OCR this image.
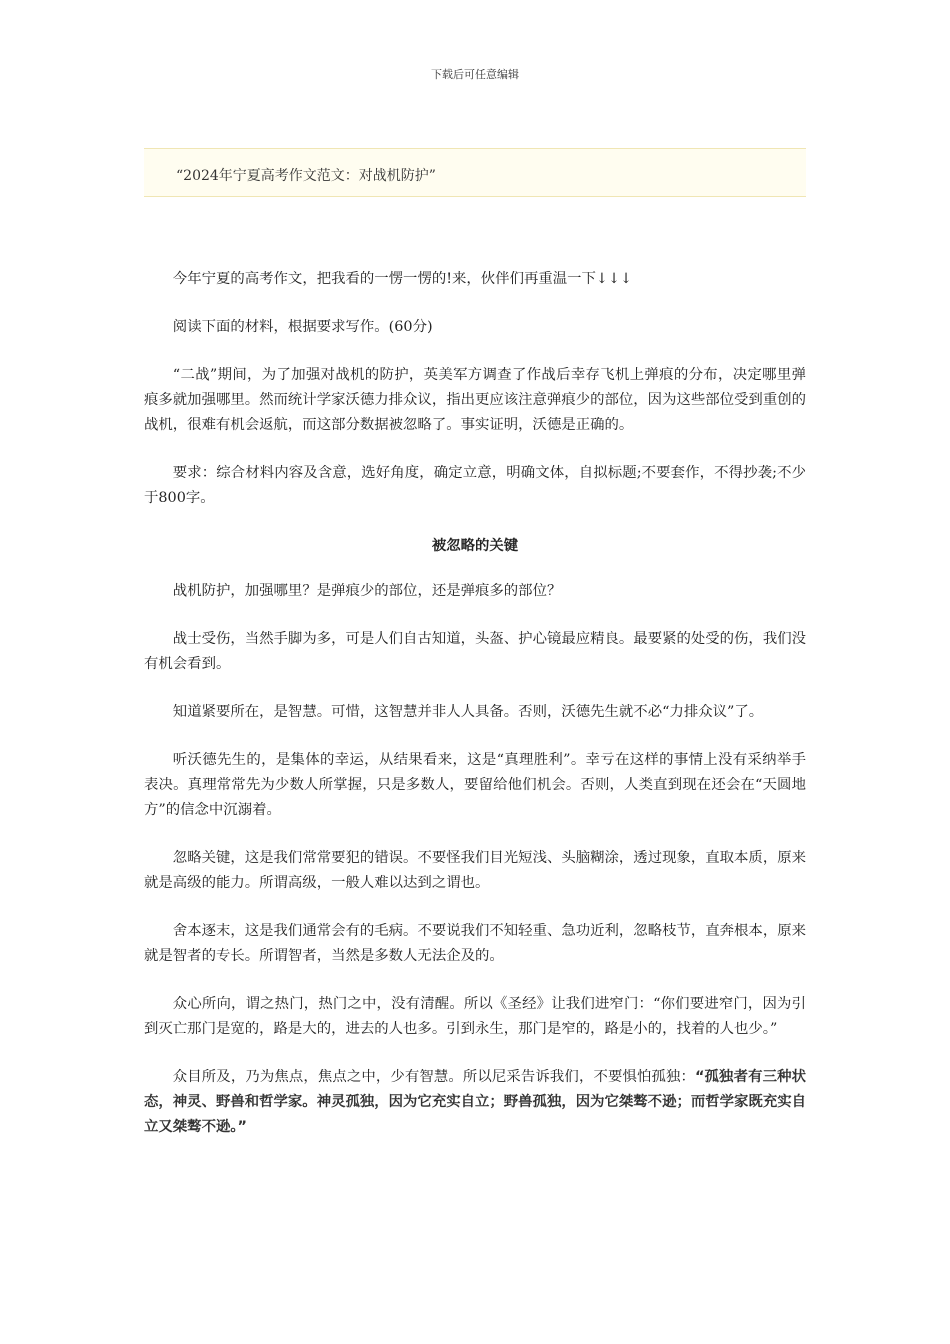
下载后可任意编辑
“2024年宁夏高考作文范文：对战机防护”

今年宁夏的高考作文，把我看的一愣一愣的!来，伙伴们再重温一下↓↓↓

阅读下面的材料，根据要求写作。(60分)

“二战”期间，为了加强对战机的防护，英美军方调查了作战后幸存飞机上弹痕的分布，决定哪里弹痕多就加强哪里。然而统计学家沃德力排众议，指出更应该注意弹痕少的部位，因为这些部位受到重创的战机，很难有机会返航，而这部分数据被忽略了。事实证明，沃德是正确的。

要求：综合材料内容及含意，选好角度，确定立意，明确文体，自拟标题;不要套作，不得抄袭;不少于800字。

被忽略的关键

战机防护，加强哪里？是弹痕少的部位，还是弹痕多的部位？

战士受伤，当然手脚为多，可是人们自古知道，头盔、护心镜最应精良。最要紧的处受的伤，我们没有机会看到。

知道紧要所在，是智慧。可惜，这智慧并非人人具备。否则，沃德先生就不必“力排众议”了。

听沃德先生的，是集体的幸运，从结果看来，这是“真理胜利”。幸亏在这样的事情上没有采纳举手表决。真理常常先为少数人所掌握，只是多数人，要留给他们机会。否则，人类直到现在还会在“天圆地方”的信念中沉溺着。

忽略关键，这是我们常常要犯的错误。不要怪我们目光短浅、头脑糊涂，透过现象，直取本质，原来就是高级的能力。所谓高级，一般人难以达到之谓也。

舍本逐末，这是我们通常会有的毛病。不要说我们不知轻重、急功近利，忽略枝节，直奔根本，原来就是智者的专长。所谓智者，当然是多数人无法企及的。

众心所向，谓之热门，热门之中，没有清醒。所以《圣经》让我们进窄门：“你们要进窄门，因为引到灭亡那门是宽的，路是大的，进去的人也多。引到永生，那门是窄的，路是小的，找着的人也少。”

众目所及，乃为焦点，焦点之中，少有智慧。所以尼采告诉我们，不要惧怕孤独：“孤独者有三种状态，神灵、野兽和哲学家。神灵孤独，因为它充实自立；野兽孤独，因为它桀骜不逊；而哲学家既充实自立又桀骜不逊。”
